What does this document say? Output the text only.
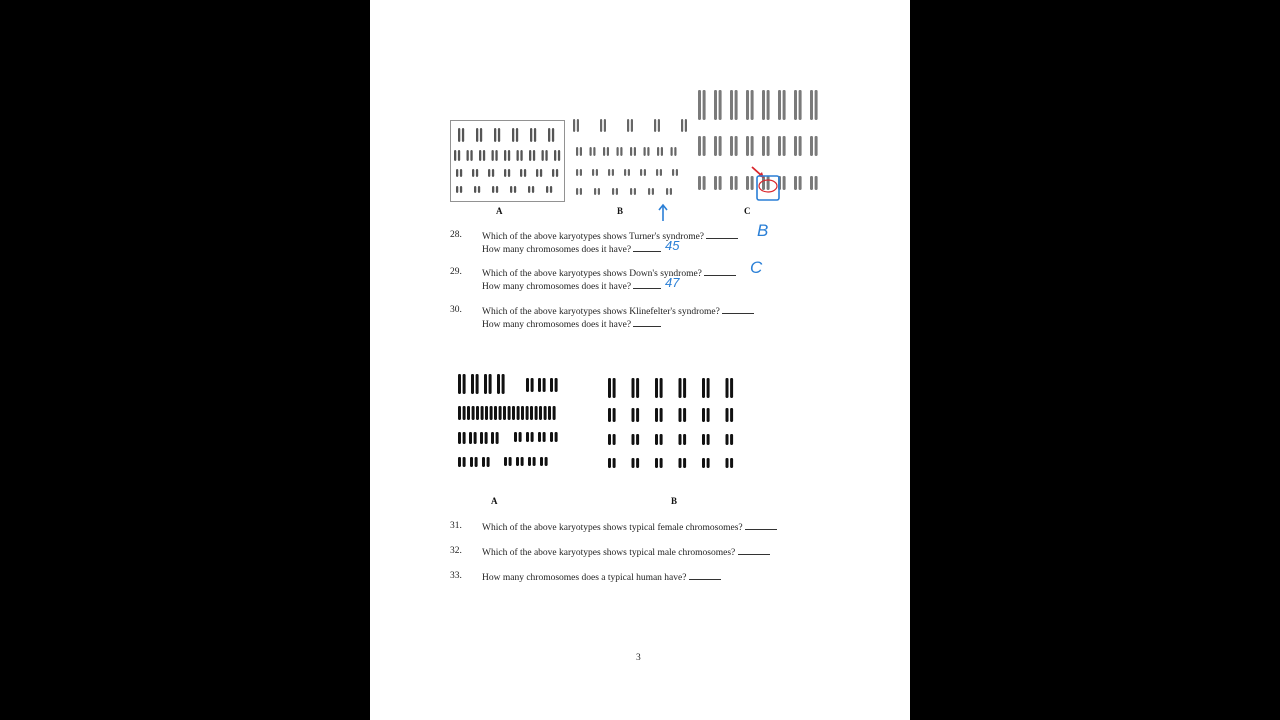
A	B	C
28. Which of the above karyotypes shows Turner's syndrome?
How many chromosomes does it have?
B
45
29. Which of the above karyotypes shows Down's syndrome?
How many chromosomes does it have?
C
47
30. Which of the above karyotypes shows Klinefelter's syndrome?
How many chromosomes does it have?
A	B
31. Which of the above karyotypes shows typical female chromosomes?
32. Which of the above karyotypes shows typical male chromosomes?
33. How many chromosomes does a typical human have?
3
